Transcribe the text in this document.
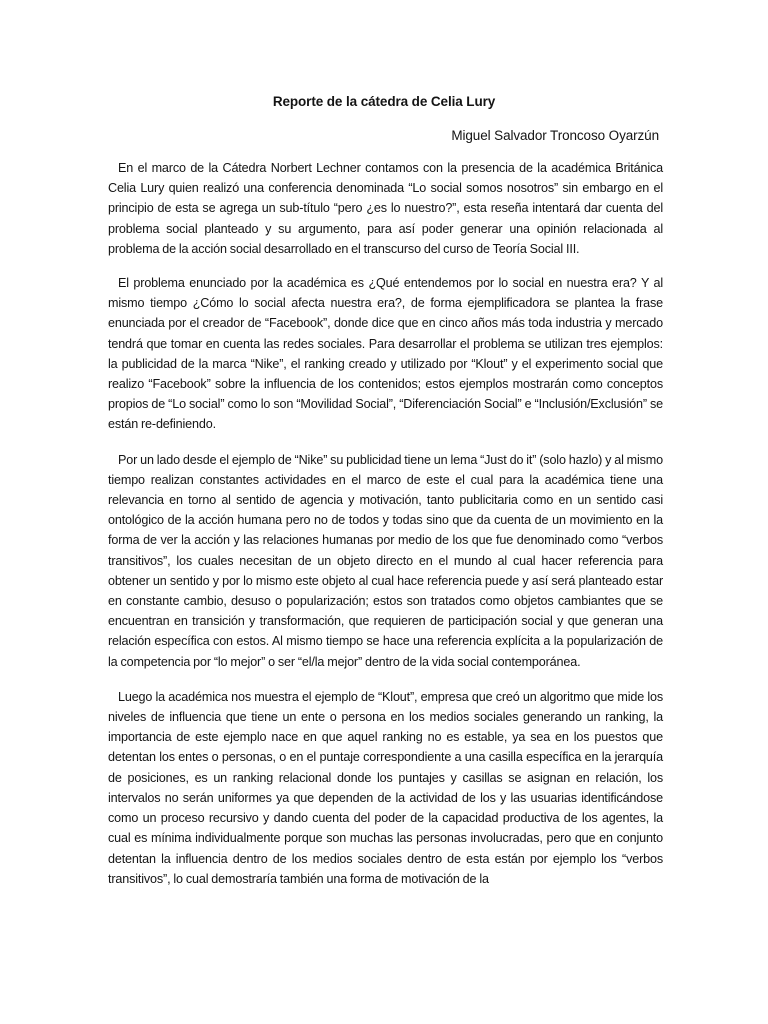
Reporte de la cátedra de Celia Lury
Miguel Salvador Troncoso Oyarzún

En el marco de la Cátedra Norbert Lechner contamos con la presencia de la académica Británica Celia Lury quien realizó una conferencia denominada “Lo social somos nosotros” sin embargo en el principio de esta se agrega un sub-título “pero ¿es lo nuestro?”, esta reseña intentará dar cuenta del problema social planteado y su argumento, para así poder generar una opinión relacionada al problema de la acción social desarrollado en el transcurso del curso de Teoría Social III.

El problema enunciado por la académica es ¿Qué entendemos por lo social en nuestra era? Y al mismo tiempo ¿Cómo lo social afecta nuestra era?, de forma ejemplificadora se plantea la frase enunciada por el creador de “Facebook”, donde dice que en cinco años más toda industria y mercado tendrá que tomar en cuenta las redes sociales. Para desarrollar el problema se utilizan tres ejemplos: la publicidad de la marca “Nike”, el ranking creado y utilizado por “Klout” y el experimento social que realizo “Facebook” sobre la influencia de los contenidos; estos ejemplos mostrarán como conceptos propios de “Lo social” como lo son “Movilidad Social”, “Diferenciación Social” e “Inclusión/Exclusión” se están re-definiendo.

Por un lado desde el ejemplo de “Nike” su publicidad tiene un lema “Just do it” (solo hazlo) y al mismo tiempo realizan constantes actividades en el marco de este el cual para la académica tiene una relevancia en torno al sentido de agencia y motivación, tanto publicitaria como en un sentido casi ontológico de la acción humana pero no de todos y todas sino que da cuenta de un movimiento en la forma de ver la acción y las relaciones humanas por medio de los que fue denominado como “verbos transitivos”, los cuales necesitan de un objeto directo en el mundo al cual hacer referencia para obtener un sentido y por lo mismo este objeto al cual hace referencia puede y así será planteado estar en constante cambio, desuso o popularización; estos son tratados como objetos cambiantes que se encuentran en transición y transformación, que requieren de participación social y que generan una relación específica con estos. Al mismo tiempo se hace una referencia explícita a la popularización de la competencia por “lo mejor” o ser “el/la mejor” dentro de la vida social contemporánea.

Luego la académica nos muestra el ejemplo de “Klout”, empresa que creó un algoritmo que mide los niveles de influencia que tiene un ente o persona en los medios sociales generando un ranking, la importancia de este ejemplo nace en que aquel ranking no es estable, ya sea en los puestos que detentan los entes o personas, o en el puntaje correspondiente a una casilla específica en la jerarquía de posiciones, es un ranking relacional donde los puntajes y casillas se asignan en relación, los intervalos no serán uniformes ya que dependen de la actividad de los y las usuarias identificándose como un proceso recursivo y dando cuenta del poder de la capacidad productiva de los agentes, la cual es mínima individualmente porque son muchas las personas involucradas, pero que en conjunto detentan la influencia dentro de los medios sociales dentro de esta están por ejemplo los “verbos transitivos”, lo cual demostraría también una forma de motivación de la
